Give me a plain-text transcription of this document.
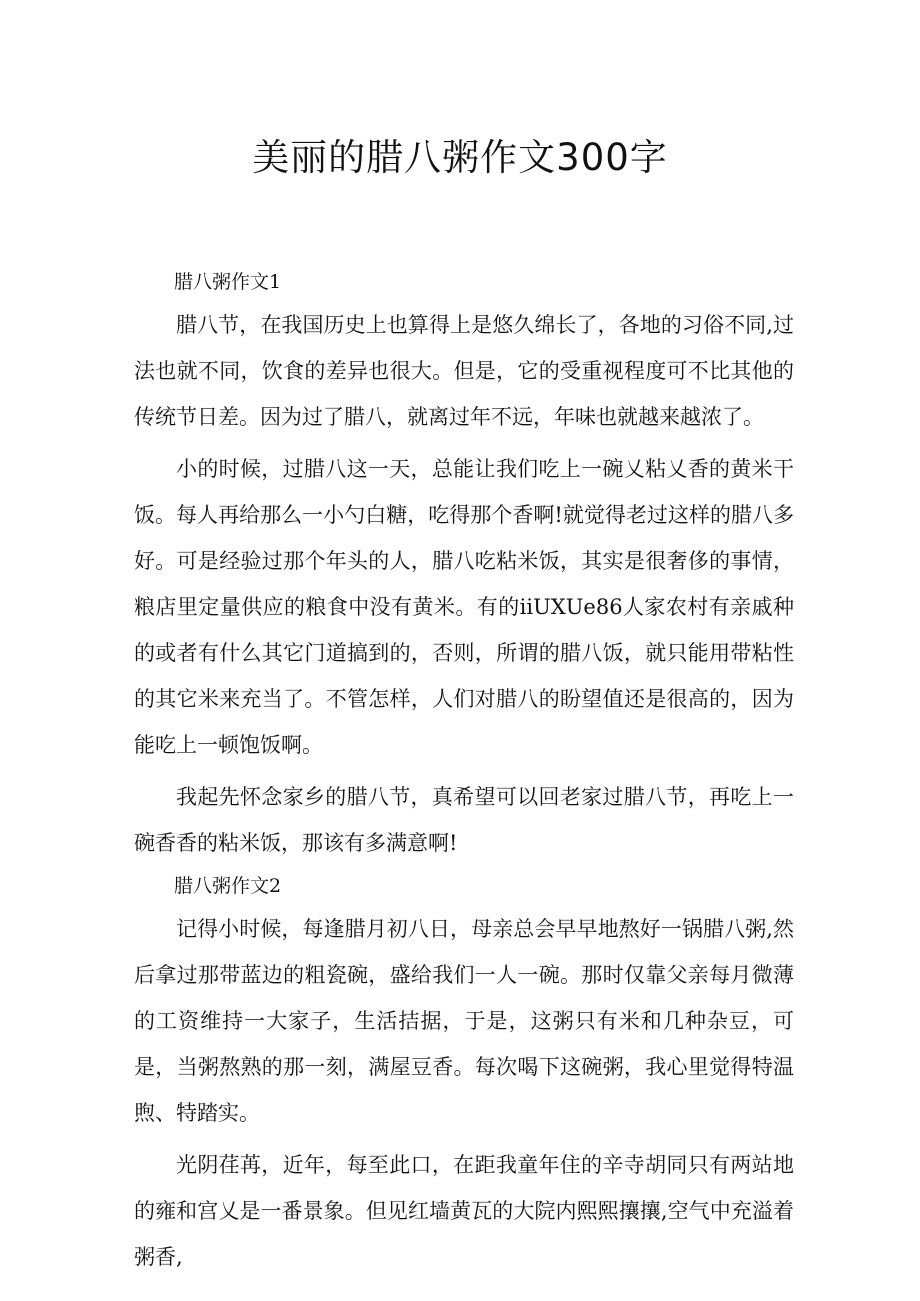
美丽的腊八粥作文300字
腊八粥作文1

腊八节，在我国历史上也算得上是悠久绵长了，各地的习俗不同,过法也就不同，饮食的差异也很大。但是，它的受重视程度可不比其他的传统节日差。因为过了腊八，就离过年不远，年味也就越来越浓了。

小的时候，过腊八这一天，总能让我们吃上一碗乂粘乂香的黄米干饭。每人再给那么一小勺白糖，吃得那个香啊!就觉得老过这样的腊八多好。可是经验过那个年头的人，腊八吃粘米饭，其实是很奢侈的事情，粮店里定量供应的粮食中没有黄米。有的iiUXUe86人家农村有亲戚种的或者有什么其它门道搞到的，否则，所谓的腊八饭，就只能用带粘性的其它米来充当了。不管怎样，人们对腊八的盼望值还是很高的，因为能吃上一顿饱饭啊。

我起先怀念家乡的腊八节，真希望可以回老家过腊八节，再吃上一碗香香的粘米饭，那该有多满意啊!

腊八粥作文2

记得小时候，每逢腊月初八日，母亲总会早早地熬好一锅腊八粥,然后拿过那带蓝边的粗瓷碗，盛给我们一人一碗。那时仅靠父亲每月微薄的工资维持一大家子，生活拮据，于是，这粥只有米和几种杂豆，可是，当粥熬熟的那一刻，满屋豆香。每次喝下这碗粥，我心里觉得特温煦、特踏实。

光阴荏苒，近年，每至此口，在距我童年住的辛寺胡同只有两站地的雍和宫乂是一番景象。但见红墙黄瓦的大院内熙熙攘攘,空气中充溢着粥香,
